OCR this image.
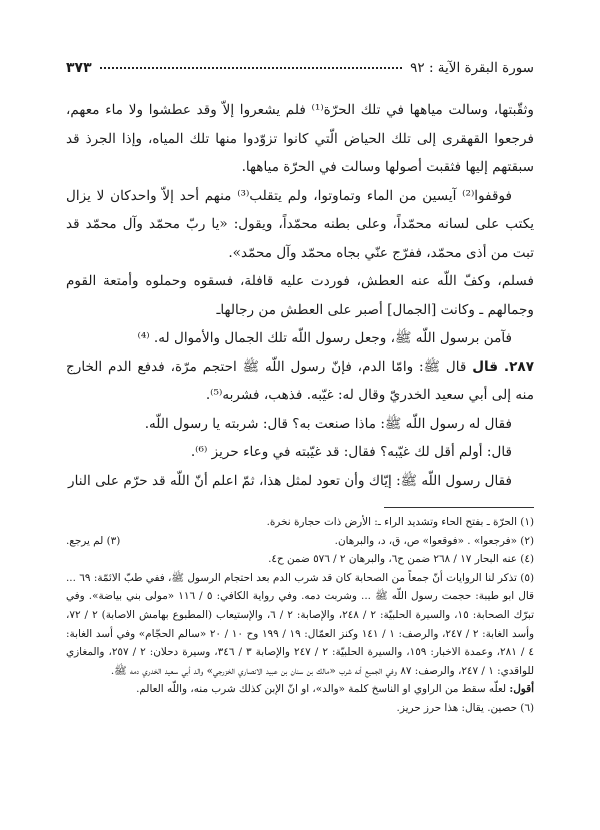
سورة البقرة الآية : ٩٢
٣٧٣

وثقّبتها، وسالت مياهها في تلك الحرّة⁽¹⁾ فلم يشعروا إلاّ وقد عطشوا ولا ماء معهم، فرجعوا القهقرى إلى تلك الحياض الّتي كانوا تزوّدوا منها تلك المياه، وإذا الجرذ قد سبقتهم إليها فثقبت أصولها وسالت في الحرّة مياهها.

فوقفوا⁽²⁾ آيسين من الماء وتماوتوا، ولم يتقلب⁽³⁾ منهم أحد إلاّ واحدكان لا يزال يكتب على لسانه محمّداً، وعلى بطنه محمّداً، ويقول: «يا ربّ محمّد وآل محمّد قد تبت من أذى محمّد، ففرّج عنّي بجاه محمّد وآل محمّد».

فسلم، وكفّ اللّه عنه العطش، فوردت عليه قافلة، فسقوه وحملوه وأمتعة القوم وجمالهم ـ وكانت [الجمال] أصبر على العطش من رجالهاـ

فآمن برسول اللّه ﷺ، وجعل رسول اللّه تلك الجمال والأموال له. ⁽⁴⁾

٢٨٧. قال قال ﷺ: وامّا الدم، فإنّ رسول اللّه ﷺ احتجم مرّة، فدفع الدم الخارج منه إلى أبي سعيد الخدريّ وقال له: غيّبه. فذهب، فشربه⁽⁵⁾.

فقال له رسول اللّه ﷺ: ماذا صنعت به؟ قال: شربته يا رسول اللّه.

قال: أولم أقل لك غيّبه؟ فقال: قد غيّبته في وعاء حريز ⁽⁶⁾.

فقال رسول اللّه ﷺ: إيّاك وأن تعود لمثل هذا، ثمّ اعلم أنّ اللّه قد حرّم على النار

(١) الحرّة ـ بفتح الحاء وتشديد الراء ـ: الأرض ذات حجارة نخرة.

(٢) «فرجعوا» . «فوقعوا» ص، ق، د، والبرهان.
(٣) لم يرجع.

(٤) عنه البحار ١٧ / ٢٦٨ ضمن ح٦، والبرهان ٢ / ٥٧٦ ضمن ح٤.

(٥) تذكر لنا الروايات أنّ جمعاً من الصحابة كان قد شرب الدم بعد احتجام الرسول ﷺ، ففي طبّ الائمّة: ٦٩ ... قال ابو طيبة: حجمت رسول اللّه ﷺ ... وشربت دمه. وفي رواية الكافي: ٥ / ١١٦ «مولى بني بياضة». وفي تبرّك الصحابة: ١٥، والسيرة الحلبيّة: ٢ / ٢٤٨، والإصابة: ٢ / ٦، والإستيعاب (المطبوع بهامش الاصابة) ٢ / ٧٢، وأسد الغابة: ٢ / ٢٤٧، والرصف: ١ / ١٤١ وكنز العمّال: ١٩ / ١٩٩ وح ١٠ / ٢٠ «سالم الحجّام» وفي أسد الغابة: ٤ / ٢٨١، وعمدة الاخبار: ١٥٩، والسيرة الحلبيّة: ٢ / ٢٤٧ والإصابة ٣ / ٣٤٦، وسيرة دحلان: ٢ / ٢٥٧، والمغازي للواقدي: ١ / ٢٤٧، والرصف: ٨٧ وفي الجميع أنه شرب «مالك بن سنان بن عبيد الانصاري الخزرجي» والد أبي سعيد الخدري دمه ﷺ.

أقول: لعلّه سقط من الراوي او الناسخ كلمة «والد»، او انّ الإبن كذلك شرب منه، واللّه العالم.

(٦) حصين. يقال: هذا حرز حريز.
